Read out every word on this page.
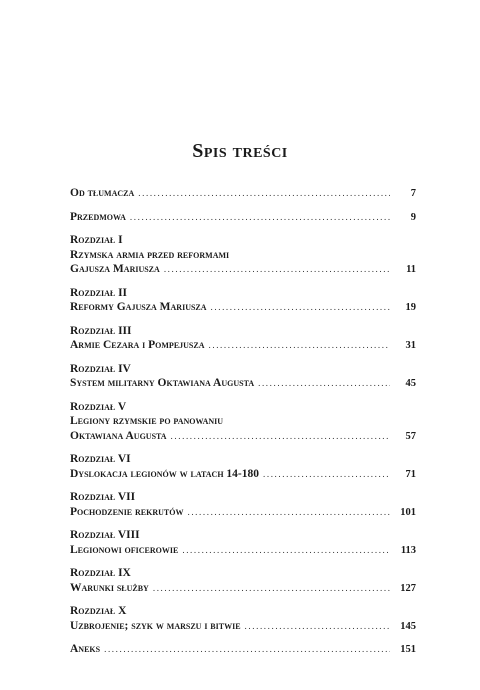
Spis treści
Od tłumacza .....	7
Przedmowa .....	9
Rozdział I
Rzymska armia przed reformami
Gajusza Mariusza .....	11
Rozdział II
Reformy Gajusza Mariusza .....	19
Rozdział III
Armie Cezara i Pompejusza .....	31
Rozdział IV
System militarny Oktawiana Augusta .....	45
Rozdział V
Legiony rzymskie po panowaniu
Oktawiana Augusta .....	57
Rozdział VI
Dyslokacja legionów w latach 14-180 .....	71
Rozdział VII
Pochodzenie rekrutów .....	101
Rozdział VIII
Legionowi oficerowie .....	113
Rozdział IX
Warunki służby .....	127
Rozdział X
Uzbrojenie; szyk w marszu i bitwie .....	145
Aneks .....	151
